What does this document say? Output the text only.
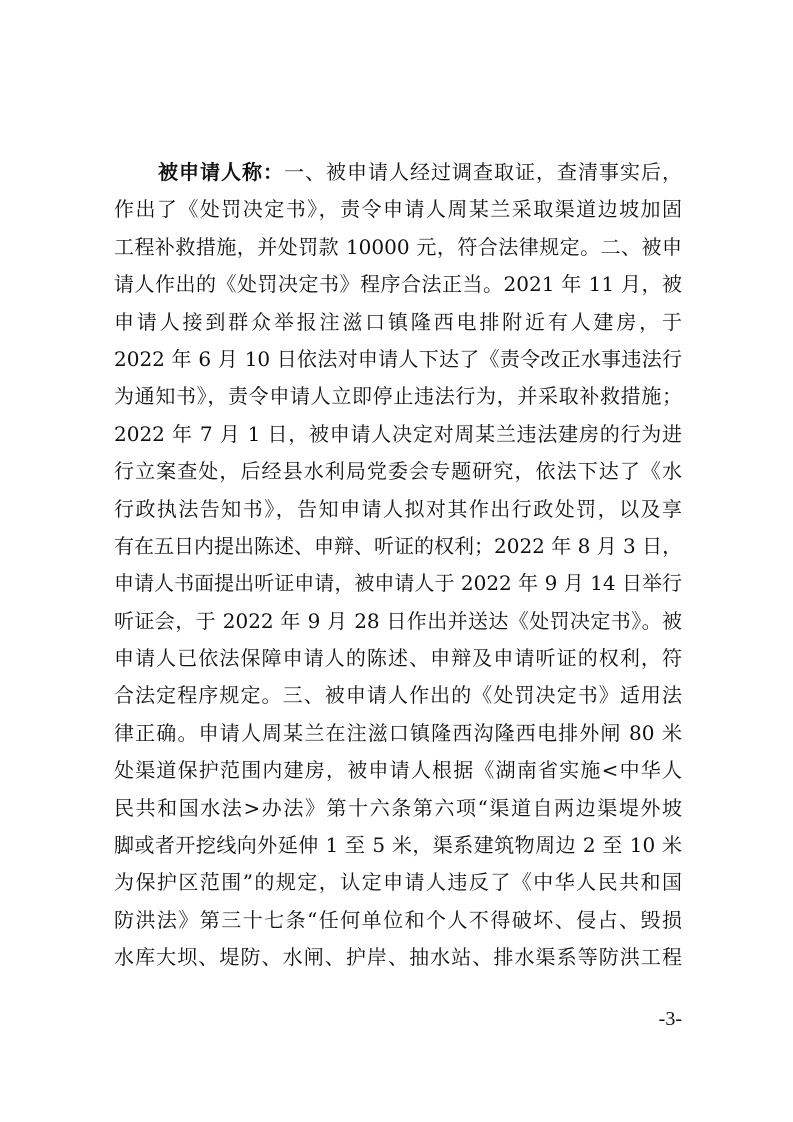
被申请人称：一、被申请人经过调查取证，查清事实后，
作出了《处罚决定书》，责令申请人周某兰采取渠道边坡加固
工程补救措施，并处罚款 10000 元，符合法律规定。二、被申
请人作出的《处罚决定书》程序合法正当。2021 年 11 月，被
申请人接到群众举报注滋口镇隆西电排附近有人建房，于
2022 年 6 月 10 日依法对申请人下达了《责令改正水事违法行
为通知书》，责令申请人立即停止违法行为，并采取补救措施；
2022 年 7 月 1 日，被申请人决定对周某兰违法建房的行为进
行立案查处，后经县水利局党委会专题研究，依法下达了《水
行政执法告知书》，告知申请人拟对其作出行政处罚，以及享
有在五日内提出陈述、申辩、听证的权利；2022 年 8 月 3 日，
申请人书面提出听证申请，被申请人于 2022 年 9 月 14 日举行
听证会，于 2022 年 9 月 28 日作出并送达《处罚决定书》。被
申请人已依法保障申请人的陈述、申辩及申请听证的权利，符
合法定程序规定。三、被申请人作出的《处罚决定书》适用法
律正确。申请人周某兰在注滋口镇隆西沟隆西电排外闸 80 米
处渠道保护范围内建房，被申请人根据《湖南省实施<中华人
民共和国水法>办法》第十六条第六项“渠道自两边渠堤外坡
脚或者开挖线向外延伸 1 至 5 米，渠系建筑物周边 2 至 10 米
为保护区范围”的规定，认定申请人违反了《中华人民共和国
防洪法》第三十七条“任何单位和个人不得破坏、侵占、毁损
水库大坝、堤防、水闸、护岸、抽水站、排水渠系等防洪工程
-3-
